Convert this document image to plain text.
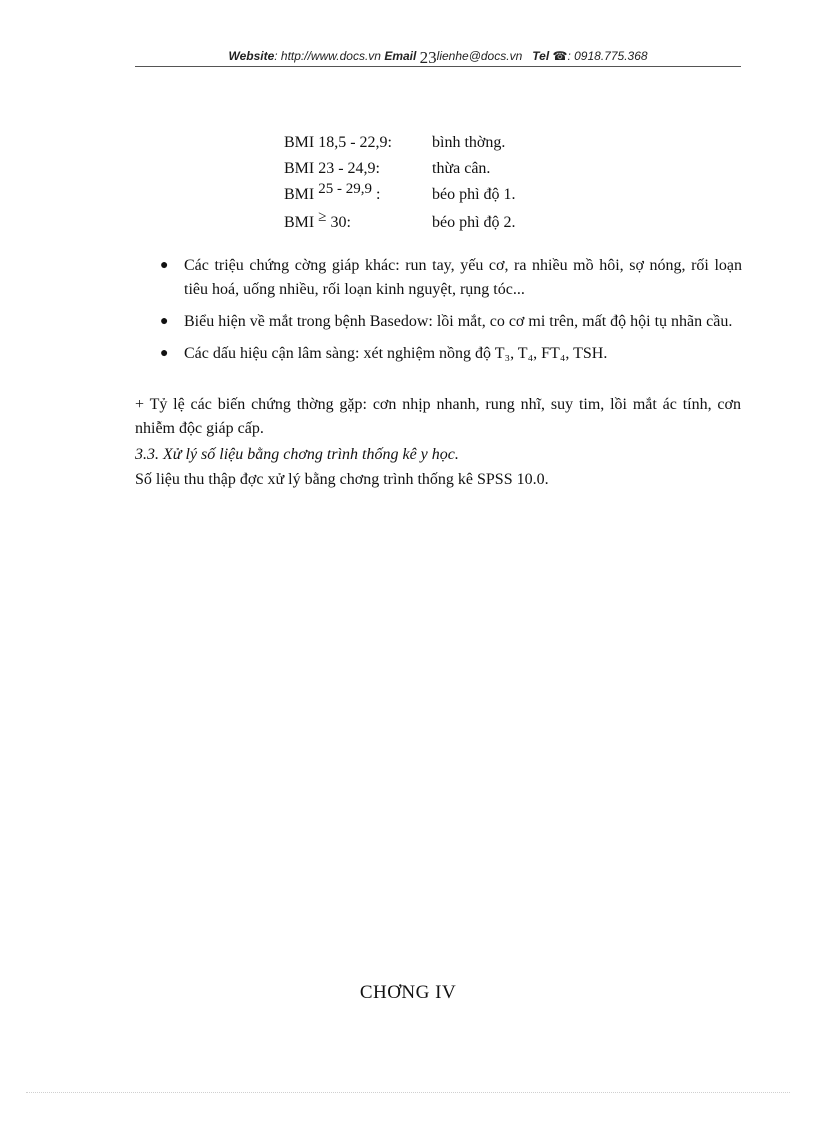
Website: http://www.docs.vn Email 23lienhe@docs.vn Tel ☎: 0918.775.368
BMI 18,5 - 22,9:	bình thờng.
BMI 23 - 24,9:	thừa cân.
BMI 25 - 29,9 :	béo phì độ 1.
BMI ≥ 30:	béo phì độ 2.
● Các triệu chứng cờng giáp khác: run tay, yếu cơ, ra nhiều mồ hôi, sợ nóng, rối loạn tiêu hoá, uống nhiều, rối loạn kinh nguyệt, rụng tóc...
● Biểu hiện về mắt trong bệnh Basedow: lồi mắt, co cơ mi trên, mất độ hội tụ nhãn cầu.
● Các dấu hiệu cận lâm sàng: xét nghiệm nồng độ T₃, T₄, FT₄, TSH.
+ Tỷ lệ các biến chứng thờng gặp: cơn nhịp nhanh, rung nhĩ, suy tim, lồi mắt ác tính, cơn nhiễm độc giáp cấp.
3.3. Xử lý số liệu bằng chơng trình thống kê y học.
Số liệu thu thập đợc xử lý bằng chơng trình thống kê SPSS 10.0.
CHƠNG IV
